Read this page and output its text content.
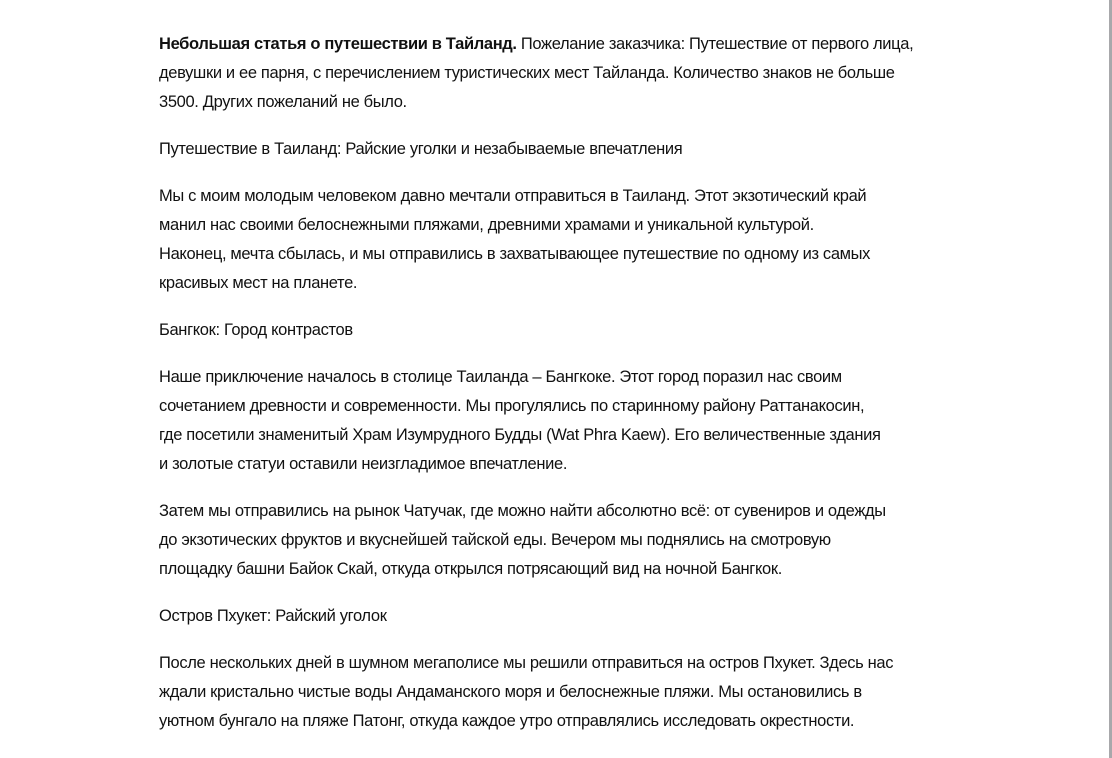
Небольшая статья о путешествии в Тайланд. Пожелание заказчика: Путешествие от первого лица,
девушки и ее парня, с перечислением туристических мест Тайланда. Количество знаков не больше
3500. Других пожеланий не было.
Путешествие в Таиланд: Райские уголки и незабываемые впечатления
Мы с моим молодым человеком давно мечтали отправиться в Таиланд. Этот экзотический край
манил нас своими белоснежными пляжами, древними храмами и уникальной культурой.
Наконец, мечта сбылась, и мы отправились в захватывающее путешествие по одному из самых
красивых мест на планете.
Бангкок: Город контрастов
Наше приключение началось в столице Таиланда – Бангкоке. Этот город поразил нас своим
сочетанием древности и современности. Мы прогулялись по старинному району Раттанакосин,
где посетили знаменитый Храм Изумрудного Будды (Wat Phra Kaew). Его величественные здания
и золотые статуи оставили неизгладимое впечатление.
Затем мы отправились на рынок Чатучак, где можно найти абсолютно всё: от сувениров и одежды
до экзотических фруктов и вкуснейшей тайской еды. Вечером мы поднялись на смотровую
площадку башни Байок Скай, откуда открылся потрясающий вид на ночной Бангкок.
Остров Пхукет: Райский уголок
После нескольких дней в шумном мегаполисе мы решили отправиться на остров Пхукет. Здесь нас
ждали кристально чистые воды Андаманского моря и белоснежные пляжи. Мы остановились в
уютном бунгало на пляже Патонг, откуда каждое утро отправлялись исследовать окрестности.
